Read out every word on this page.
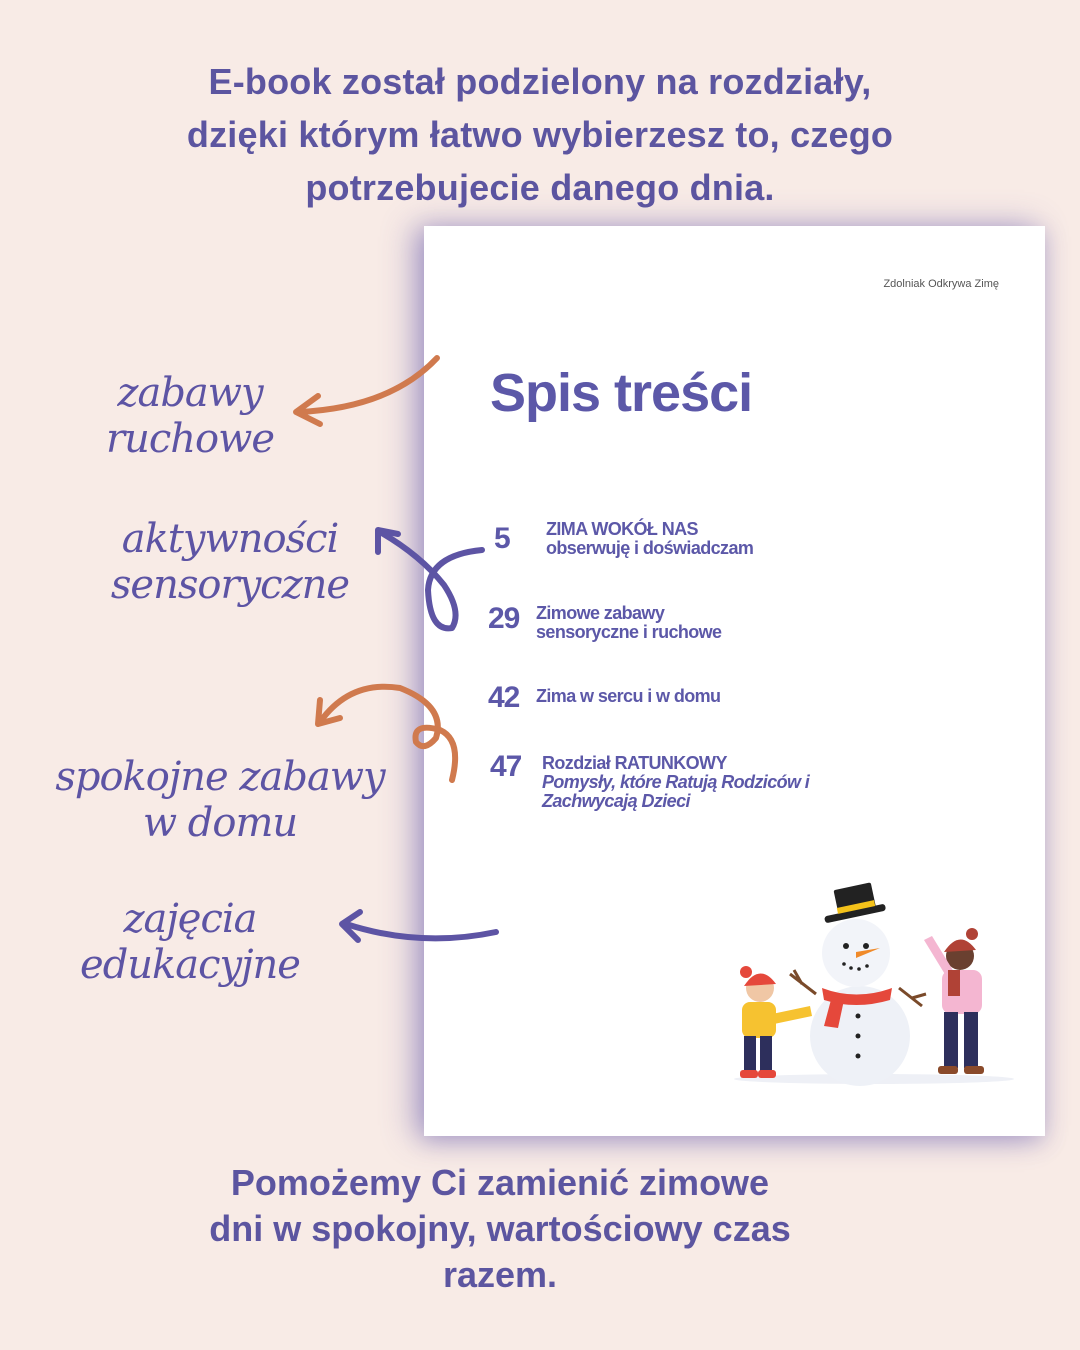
E-book został podzielony na rozdziały,
dzięki którym łatwo wybierzesz to, czego
potrzebujecie danego dnia.
Zdolniak Odkrywa Zimę
Spis treści
5 ZIMA WOKÓŁ NAS
obserwuję i doświadczam
29 Zimowe zabawy
sensoryczne i ruchowe
42 Zima w sercu i w domu
47 Rozdział RATUNKOWY
Pomysły, które Ratują Rodziców i
Zachwycają Dzieci
zabawy
ruchowe
aktywności
sensoryczne
spokojne zabawy
w domu
zajęcia
edukacyjne
Pomożemy Ci zamienić zimowe
dni w spokojny, wartościowy czas
razem.
